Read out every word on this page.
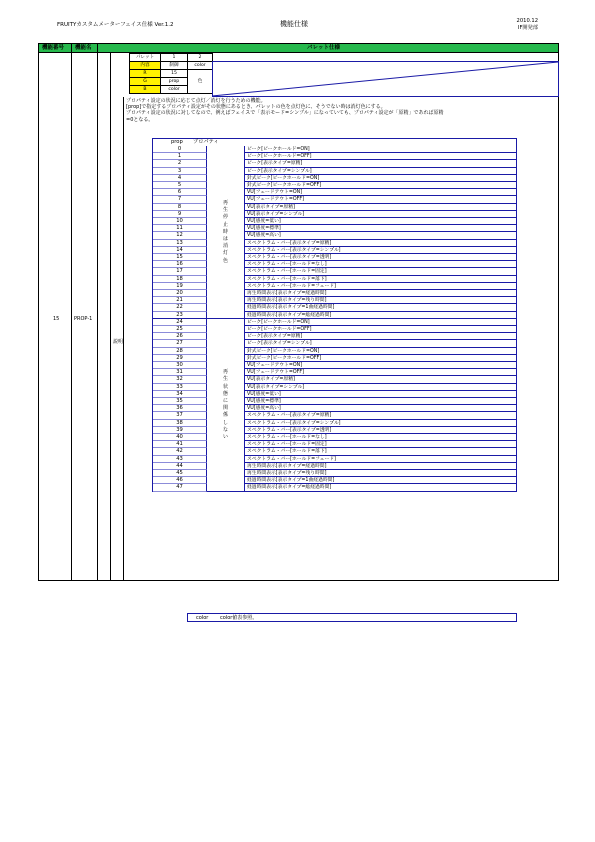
FRUITYカスタムメーターフェイス仕様 Ver.1.2	機能仕様	2010.12
IF開発部
機能番号 機能名	パレット仕様
15	PROP-1
説明
パレット	1	2
内容	制御	color
R	15	色
G	prop	
B	color	
プロパティ設定の状況に応じて点灯／消灯を行うための機能。
[prop]で指定するプロパティ設定がその状態にあるとき、パレットの色を点灯色に、そうでない時は消灯色にする。
プロパティ設定の状況に対してなので、例えばフェイスで「表示モード=シンプル」になっていても、プロパティ設定が「原精」であれば原精
=0となる。
prop プロパティ
0	ピーク[ピークホールド=ON]
1	ピーク[ピークホールド=OFF]
2	ピーク[表示タイプ=原精]
3	ピーク[表示タイプ=シンプル]
4	針式ピーク[ピークホールド=ON]
5	針式ピーク[ピークホールド=OFF]
6	VU[フェードアウト=ON]
7	VU[フェードアウト=OFF]
8	VU[表示タイプ=原精]
9	VU[表示タイプ=シンプル]
10	VU[感度=低い]
11	VU[感度=標準]
12	VU[感度=高い]
13	スペクトラム・バー[表示タイプ=原精]
14	スペクトラム・バー[表示タイプ=シンプル]
15	スペクトラム・バー[表示タイプ=透明]
16	スペクトラム・バー[ホールド=なし]
17	スペクトラム・バー[ホールド=固定]
18	スペクトラム・バー[ホールド=落下]
19	スペクトラム・バー[ホールド=フェード]
20	再生時間表示[表示タイプ=経過時間]
21	再生時間表示[表示タイプ=残り時間]
22	経過時間表示[表示タイプ=1曲経過時間]
23	経過時間表示[表示タイプ=総経過時間]
24	ピーク[ピークホールド=ON]
25	ピーク[ピークホールド=OFF]
26	ピーク[表示タイプ=原精]
27	ピーク[表示タイプ=シンプル]
28	針式ピーク[ピークホールド=ON]
29	針式ピーク[ピークホールド=OFF]
30	VU[フェードアウト=ON]
31	VU[フェードアウト=OFF]
32	VU[表示タイプ=原精]
33	VU[表示タイプ=シンプル]
34	VU[感度=低い]
35	VU[感度=標準]
36	VU[感度=高い]
37	スペクトラム・バー[表示タイプ=原精]
38	スペクトラム・バー[表示タイプ=シンプル]
39	スペクトラム・バー[表示タイプ=透明]
40	スペクトラム・バー[ホールド=なし]
41	スペクトラム・バー[ホールド=固定]
42	スペクトラム・バー[ホールド=落下]
43	スペクトラム・バー[ホールド=フェード]
44	再生時間表示[表示タイプ=経過時間]
45	再生時間表示[表示タイプ=残り時間]
46	経過時間表示[表示タイプ=1曲経過時間]
47	経過時間表示[表示タイプ=総経過時間]
再
生
停
止
時
は
消
灯
色
再
生
状
態
に
関
係
し
な
い
color color値表参照。
